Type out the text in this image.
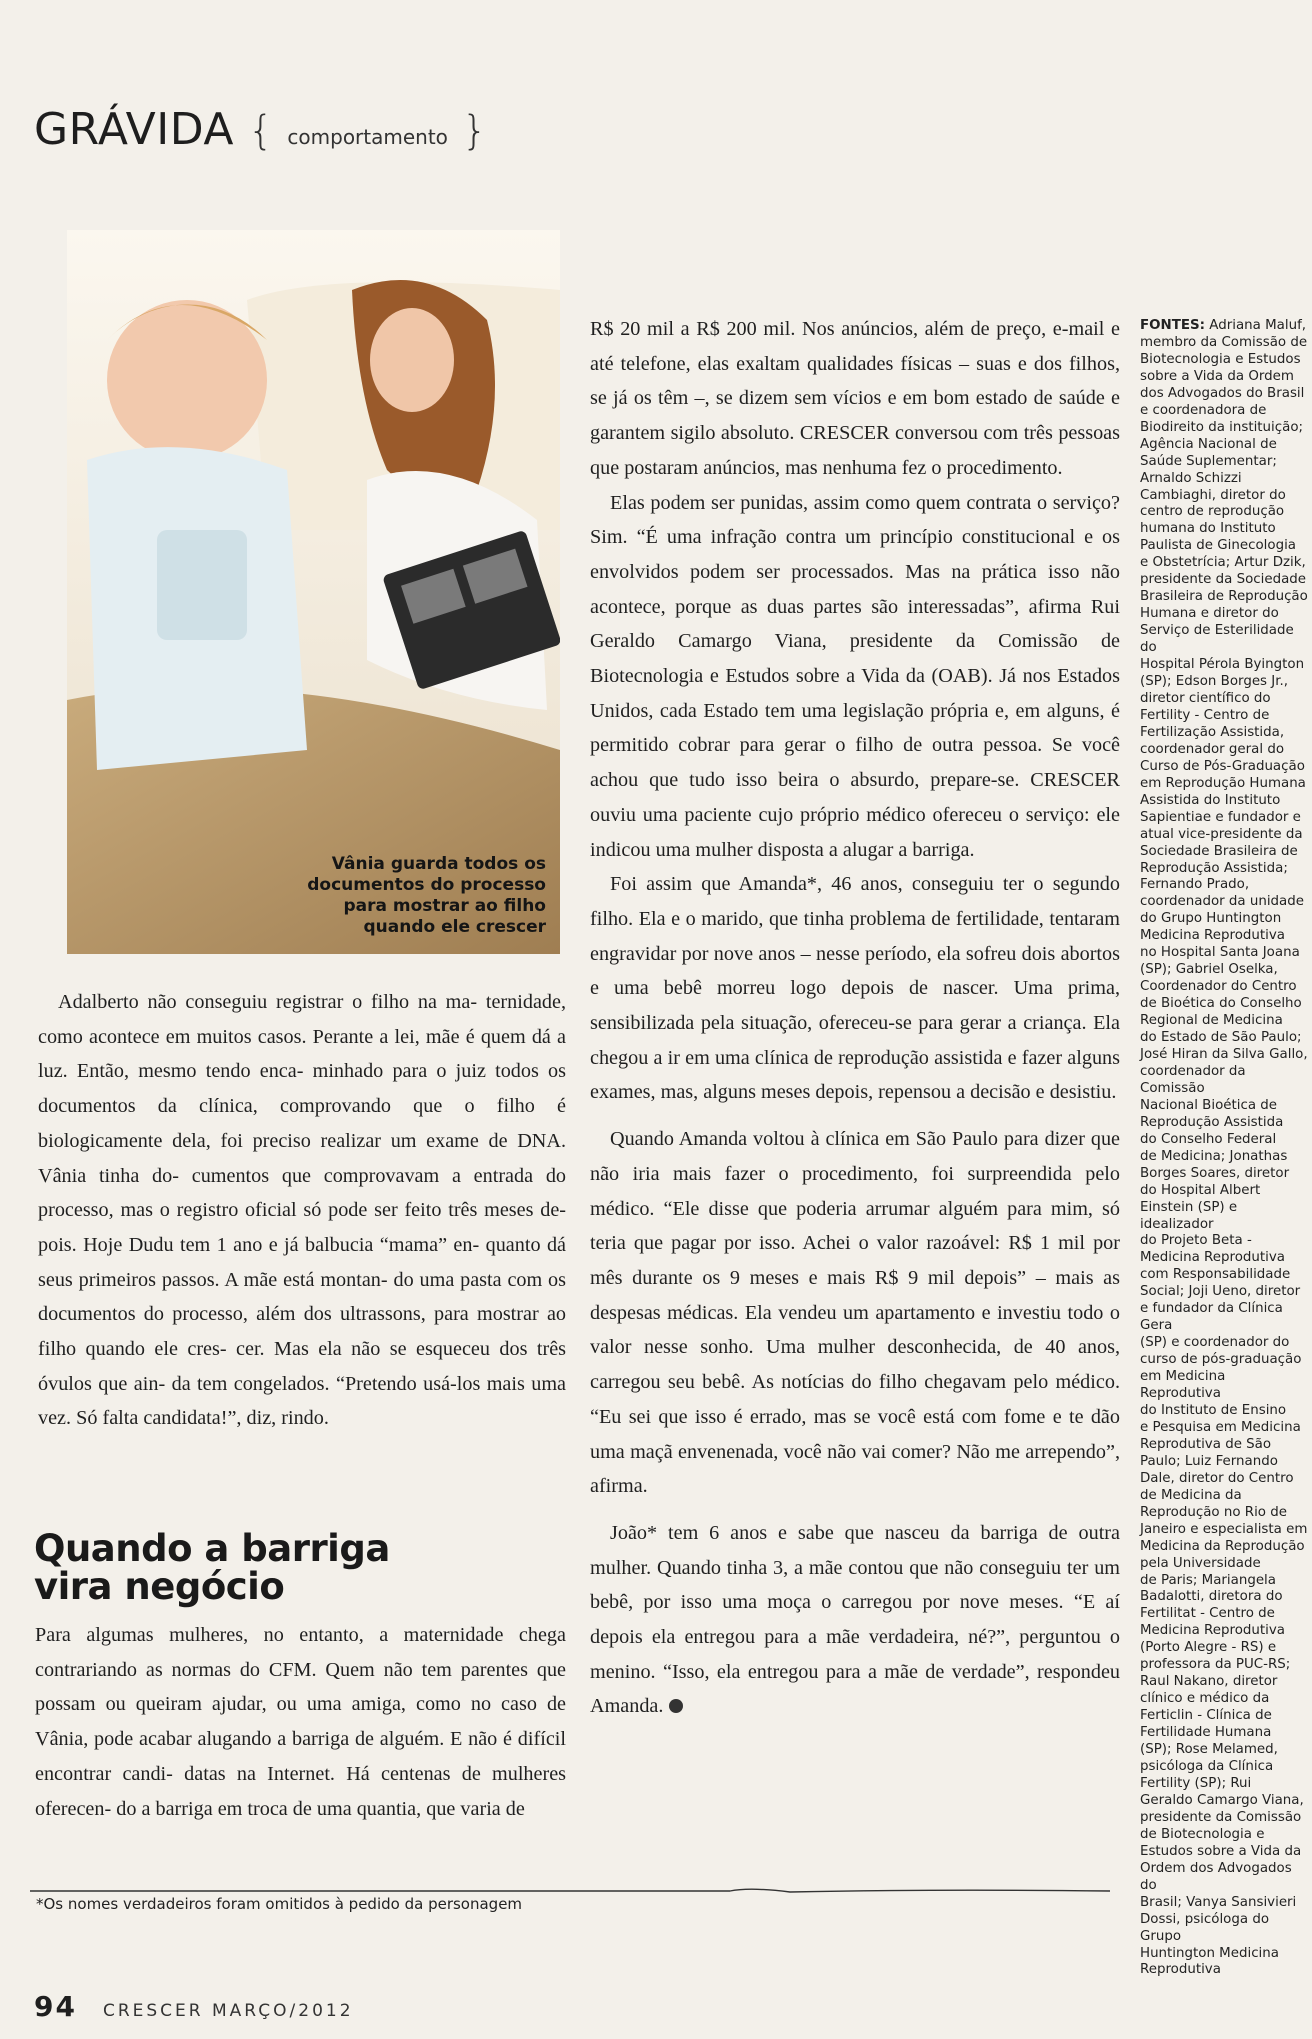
GRÁVIDA { comportamento }
Vânia guarda todos os
documentos do processo
para mostrar ao filho
quando ele crescer
Adalberto não conseguiu registrar o filho na ma- ternidade, como acontece em muitos casos. Perante a lei, mãe é quem dá a luz. Então, mesmo tendo enca- minhado para o juiz todos os documentos da clínica, comprovando que o filho é biologicamente dela, foi preciso realizar um exame de DNA. Vânia tinha do- cumentos que comprovavam a entrada do processo, mas o registro oficial só pode ser feito três meses de- pois. Hoje Dudu tem 1 ano e já balbucia “mama” en- quanto dá seus primeiros passos. A mãe está montan- do uma pasta com os documentos do processo, além dos ultrassons, para mostrar ao filho quando ele cres- cer. Mas ela não se esqueceu dos três óvulos que ain- da tem congelados. “Pretendo usá-los mais uma vez. Só falta candidata!”, diz, rindo.
Quando a barriga
vira negócio
Para algumas mulheres, no entanto, a maternidade chega contrariando as normas do CFM. Quem não tem parentes que possam ou queiram ajudar, ou uma amiga, como no caso de Vânia, pode acabar alugando a barriga de alguém. E não é difícil encontrar candi- datas na Internet. Há centenas de mulheres oferecen- do a barriga em troca de uma quantia, que varia de

R$ 20 mil a R$ 200 mil. Nos anúncios, além de preço, e-mail e até telefone, elas exaltam qualidades físicas – suas e dos filhos, se já os têm –, se dizem sem vícios e em bom estado de saúde e garantem sigilo absoluto. CRESCER conversou com três pessoas que postaram anúncios, mas nenhuma fez o procedimento.

Elas podem ser punidas, assim como quem contrata o serviço? Sim. “É uma infração contra um princípio constitucional e os envolvidos podem ser processados. Mas na prática isso não acontece, porque as duas partes são interessadas”, afirma Rui Geraldo Camargo Viana, presidente da Comissão de Biotecnologia e Estudos sobre a Vida da (OAB). Já nos Estados Unidos, cada Estado tem uma legislação própria e, em alguns, é permitido cobrar para gerar o filho de outra pessoa. Se você achou que tudo isso beira o absurdo, prepare-se. CRESCER ouviu uma paciente cujo próprio médico ofereceu o serviço: ele indicou uma mulher disposta a alugar a barriga.

Foi assim que Amanda*, 46 anos, conseguiu ter o segundo filho. Ela e o marido, que tinha problema de fertilidade, tentaram engravidar por nove anos – nesse período, ela sofreu dois abortos e uma bebê morreu logo depois de nascer. Uma prima, sensibilizada pela situação, ofereceu-se para gerar a criança. Ela chegou a ir em uma clínica de reprodução assistida e fazer alguns exames, mas, alguns meses depois, repensou a decisão e desistiu.

Quando Amanda voltou à clínica em São Paulo para dizer que não iria mais fazer o procedimento, foi surpreendida pelo médico. “Ele disse que poderia arrumar alguém para mim, só teria que pagar por isso. Achei o valor razoável: R$ 1 mil por mês durante os 9 meses e mais R$ 9 mil depois” – mais as despesas médicas. Ela vendeu um apartamento e investiu todo o valor nesse sonho. Uma mulher desconhecida, de 40 anos, carregou seu bebê. As notícias do filho chegavam pelo médico. “Eu sei que isso é errado, mas se você está com fome e te dão uma maçã envenenada, você não vai comer? Não me arrependo”, afirma.

João* tem 6 anos e sabe que nasceu da barriga de outra mulher. Quando tinha 3, a mãe contou que não conseguiu ter um bebê, por isso uma moça o carregou por nove meses. “E aí depois ela entregou para a mãe verdadeira, né?”, perguntou o menino. “Isso, ela entregou para a mãe de verdade”, respondeu Amanda.

FONTES: Adriana Maluf,
membro da Comissão de
Biotecnologia e Estudos
sobre a Vida da Ordem
dos Advogados do Brasil
e coordenadora de
Biodireito da instituição;
Agência Nacional de
Saúde Suplementar;
Arnaldo Schizzi
Cambiaghi, diretor do
centro de reprodução
humana do Instituto
Paulista de Ginecologia
e Obstetrícia; Artur Dzik,
presidente da Sociedade
Brasileira de Reprodução
Humana e diretor do
Serviço de Esterilidade do
Hospital Pérola Byington
(SP); Edson Borges Jr.,
diretor científico do
Fertility - Centro de
Fertilização Assistida,
coordenador geral do
Curso de Pós-Graduação
em Reprodução Humana
Assistida do Instituto
Sapientiae e fundador e
atual vice-presidente da
Sociedade Brasileira de
Reprodução Assistida;
Fernando Prado,
coordenador da unidade
do Grupo Huntington
Medicina Reprodutiva
no Hospital Santa Joana
(SP); Gabriel Oselka,
Coordenador do Centro
de Bioética do Conselho
Regional de Medicina
do Estado de São Paulo;
José Hiran da Silva Gallo,
coordenador da Comissão
Nacional Bioética de
Reprodução Assistida
do Conselho Federal
de Medicina; Jonathas
Borges Soares, diretor
do Hospital Albert
Einstein (SP) e idealizador
do Projeto Beta -
Medicina Reprodutiva
com Responsabilidade
Social; Joji Ueno, diretor
e fundador da Clínica Gera
(SP) e coordenador do
curso de pós-graduação
em Medicina Reprodutiva
do Instituto de Ensino
e Pesquisa em Medicina
Reprodutiva de São
Paulo; Luiz Fernando
Dale, diretor do Centro
de Medicina da
Reprodução no Rio de
Janeiro e especialista em
Medicina da Reprodução
pela Universidade
de Paris; Mariangela
Badalotti, diretora do
Fertilitat - Centro de
Medicina Reprodutiva
(Porto Alegre - RS) e
professora da PUC-RS;
Raul Nakano, diretor
clínico e médico da
Ferticlin - Clínica de
Fertilidade Humana
(SP); Rose Melamed,
psicóloga da Clínica
Fertility (SP); Rui
Geraldo Camargo Viana,
presidente da Comissão
de Biotecnologia e
Estudos sobre a Vida da
Ordem dos Advogados do
Brasil; Vanya Sansivieri
Dossi, psicóloga do Grupo
Huntington Medicina
Reprodutiva
*Os nomes verdadeiros foram omitidos à pedido da personagem
94 CRESCER MARÇO/2012
